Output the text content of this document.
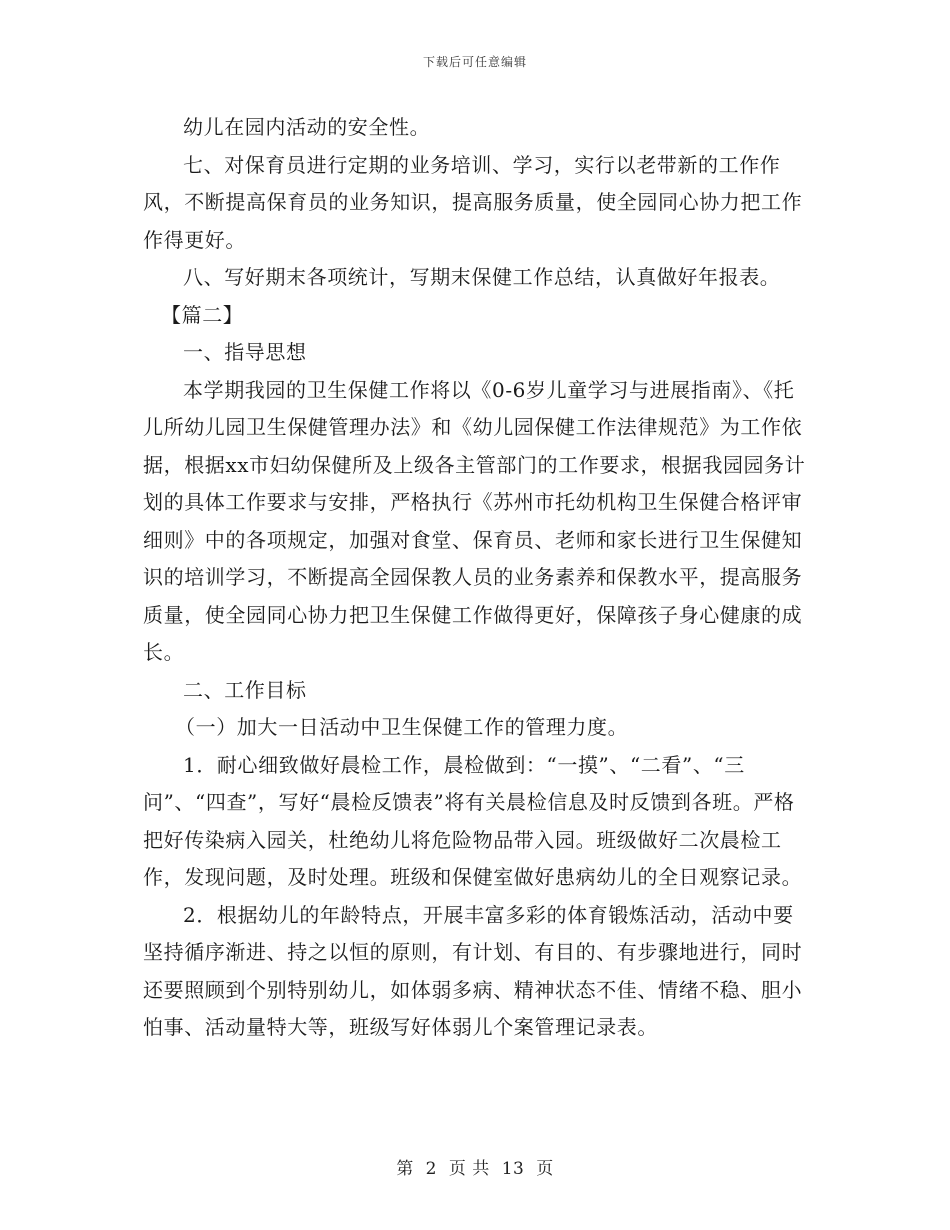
下载后可任意编辑

幼儿在园内活动的安全性。

七、对保育员进行定期的业务培训、学习，实行以老带新的工作作风，不断提高保育员的业务知识，提高服务质量，使全园同心协力把工作作得更好。

八、写好期末各项统计，写期末保健工作总结，认真做好年报表。

【篇二】

一、指导思想

本学期我园的卫生保健工作将以《0-6岁儿童学习与进展指南》、《托儿所幼儿园卫生保健管理办法》和《幼儿园保健工作法律规范》为工作依据，根据xx市妇幼保健所及上级各主管部门的工作要求，根据我园园务计划的具体工作要求与安排，严格执行《苏州市托幼机构卫生保健合格评审细则》中的各项规定，加强对食堂、保育员、老师和家长进行卫生保健知识的培训学习，不断提高全园保教人员的业务素养和保教水平，提高服务质量，使全园同心协力把卫生保健工作做得更好，保障孩子身心健康的成长。

二、工作目标

（一）加大一日活动中卫生保健工作的管理力度。

1．耐心细致做好晨检工作，晨检做到：“一摸”、“二看”、“三问”、“四查”，写好“晨检反馈表”将有关晨检信息及时反馈到各班。严格把好传染病入园关，杜绝幼儿将危险物品带入园。班级做好二次晨检工作，发现问题，及时处理。班级和保健室做好患病幼儿的全日观察记录。

2．根据幼儿的年龄特点，开展丰富多彩的体育锻炼活动，活动中要坚持循序渐进、持之以恒的原则，有计划、有目的、有步骤地进行，同时还要照顾到个别特别幼儿，如体弱多病、精神状态不佳、情绪不稳、胆小怕事、活动量特大等，班级写好体弱儿个案管理记录表。

第 2 页 共 13 页
